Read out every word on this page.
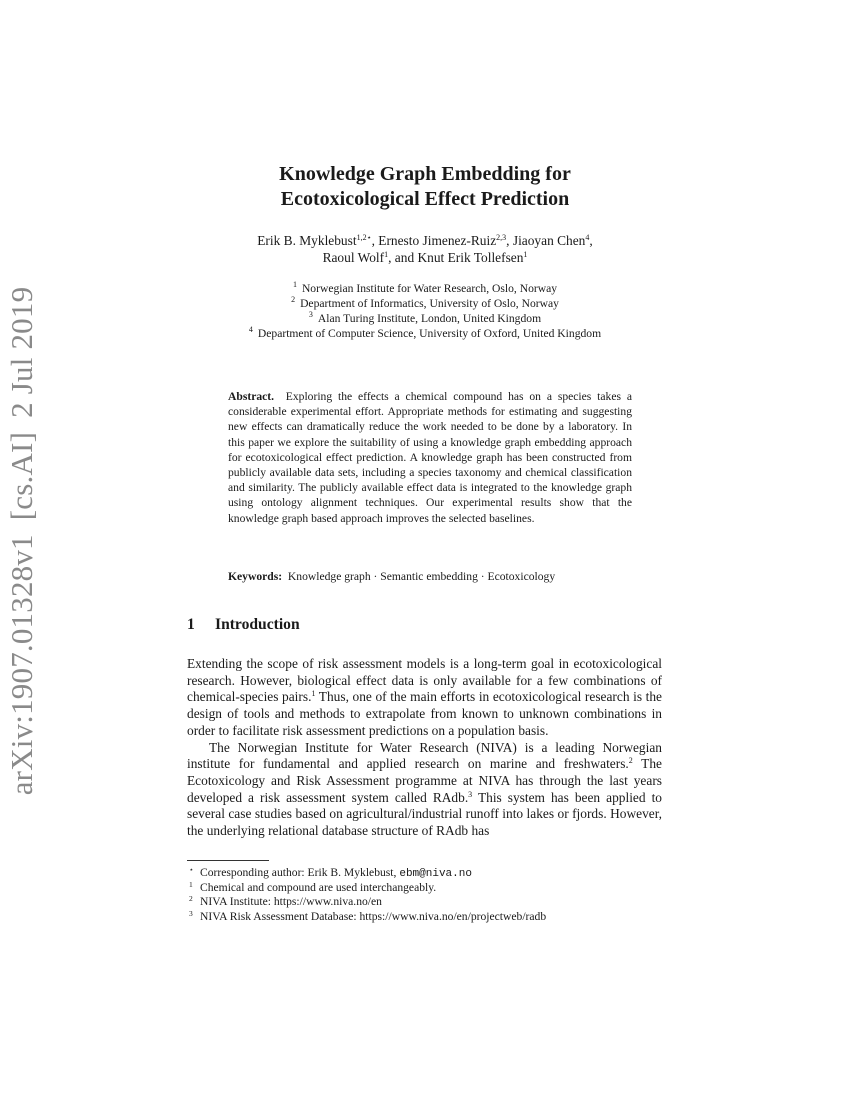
arXiv:1907.01328v1[cs.AI]2 Jul 2019
Knowledge Graph Embedding for
Ecotoxicological Effect Prediction
Erik B. Myklebust$^{1,2⋆}$, Ernesto Jimenez-Ruiz$^{2,3}$, Jiaoyan Chen$^4$,
Raoul Wolf$^1$, and Knut Erik Tollefsen$^1$
$^1$ Norwegian Institute for Water Research, Oslo, Norway
$^2$ Department of Informatics, University of Oslo, Norway
$^3$ Alan Turing Institute, London, United Kingdom
$^4$ Department of Computer Science, University of Oxford, United Kingdom
Abstract. Exploring the effects a chemical compound has on a species takes a considerable experimental effort. Appropriate methods for estimating and suggesting new effects can dramatically reduce the work needed to be done by a laboratory. In this paper we explore the suitability of using a knowledge graph embedding approach for ecotoxicological effect prediction. A knowledge graph has been constructed from publicly available data sets, including a species taxonomy and chemical classification and similarity. The publicly available effect data is integrated to the knowledge graph using ontology alignment techniques. Our experimental results show that the knowledge graph based approach improves the selected baselines.
Keywords: Knowledge graph · Semantic embedding · Ecotoxicology
1 Introduction

Extending the scope of risk assessment models is a long-term goal in ecotoxicological research. However, biological effect data is only available for a few combinations of chemical-species pairs.$^1$ Thus, one of the main efforts in ecotoxicological research is the design of tools and methods to extrapolate from known to unknown combinations in order to facilitate risk assessment predictions on a population basis.

The Norwegian Institute for Water Research (NIVA) is a leading Norwegian institute for fundamental and applied research on marine and freshwaters.$^2$ The Ecotoxicology and Risk Assessment programme at NIVA has through the last years developed a risk assessment system called RAdb.$^3$ This system has been applied to several case studies based on agricultural/industrial runoff into lakes or fjords. However, the underlying relational database structure of RAdb has

⋆ Corresponding author: Erik B. Myklebust, ebm@niva.no
1 Chemical and compound are used interchangeably.
2 NIVA Institute: https://www.niva.no/en
3 NIVA Risk Assessment Database: https://www.niva.no/en/projectweb/radb
